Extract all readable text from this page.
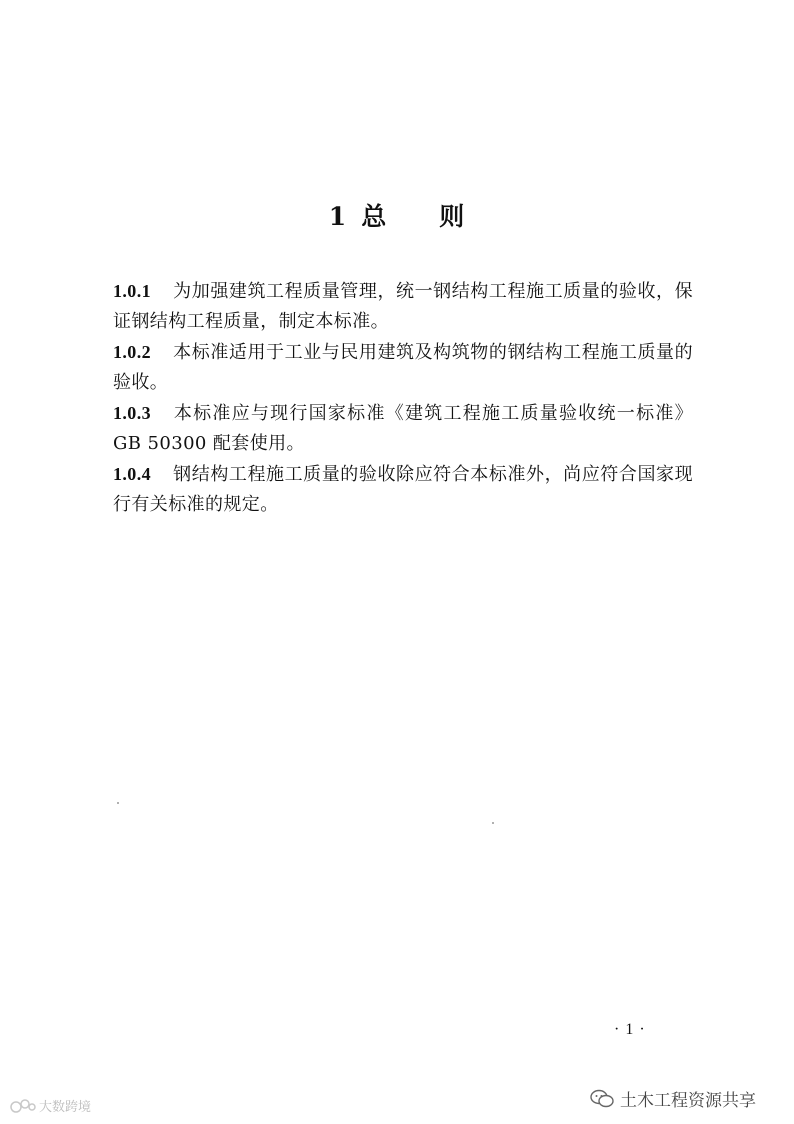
1 总 则

1.0.1 为加强建筑工程质量管理，统一钢结构工程施工质量的验收，保证钢结构工程质量，制定本标准。

1.0.2 本标准适用于工业与民用建筑及构筑物的钢结构工程施工质量的验收。

1.0.3 本标准应与现行国家标准《建筑工程施工质量验收统一标准》GB 50300 配套使用。

1.0.4 钢结构工程施工质量的验收除应符合本标准外，尚应符合国家现行有关标准的规定。

·1·
土木工程资源共享
大数跨境
